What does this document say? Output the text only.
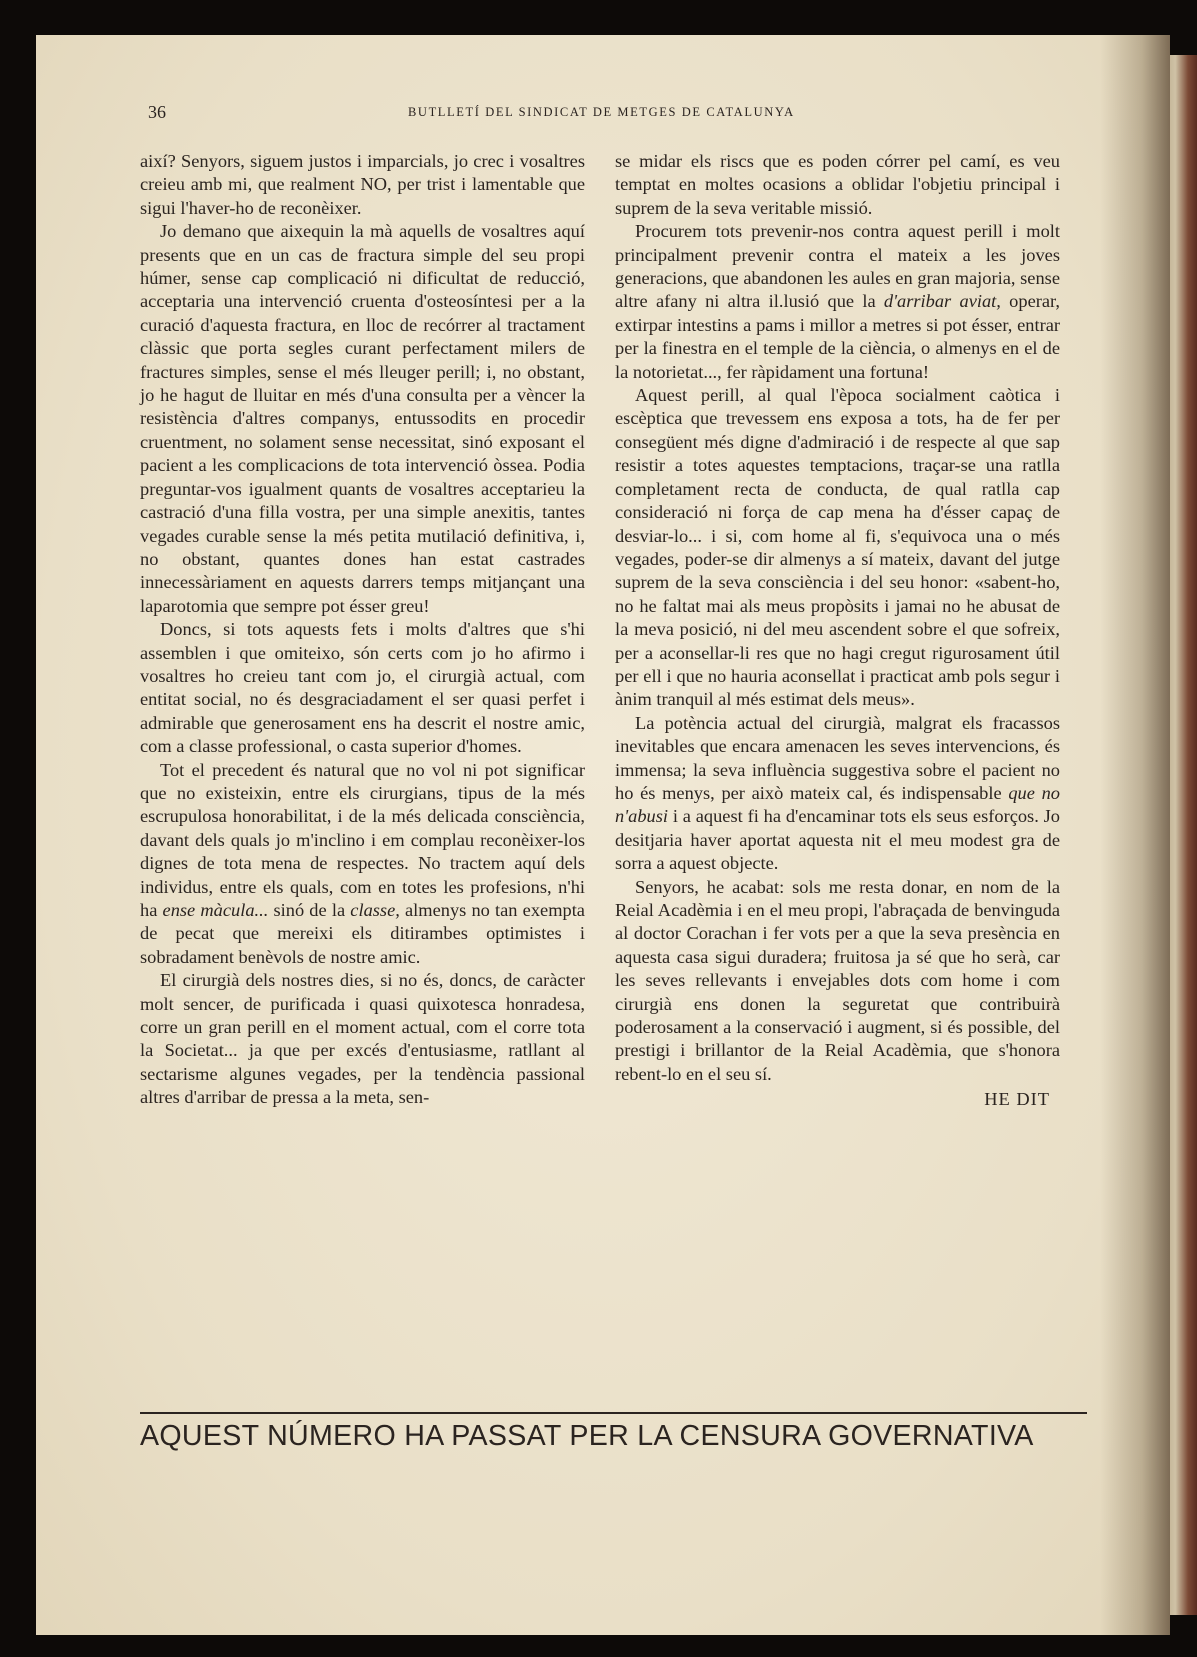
36	BUTLLETÍ DEL SINDICAT DE METGES DE CATALUNYA

així? Senyors, siguem justos i imparcials, jo crec i vosaltres creieu amb mi, que realment NO, per trist i lamentable que sigui l'haver-ho de reconèixer.

Jo demano que aixequin la mà aquells de vosaltres aquí presents que en un cas de fractura simple del seu propi húmer, sense cap complicació ni dificultat de reducció, acceptaria una intervenció cruenta d'osteosíntesi per a la curació d'aquesta fractura, en lloc de recórrer al tractament clàssic que porta segles curant perfectament milers de fractures simples, sense el més lleuger perill; i, no obstant, jo he hagut de lluitar en més d'una consulta per a vèncer la resistència d'altres companys, entussodits en procedir cruentment, no solament sense necessitat, sinó exposant el pacient a les complicacions de tota intervenció òssea. Podia preguntar-vos igualment quants de vosaltres acceptarieu la castració d'una filla vostra, per una simple anexitis, tantes vegades curable sense la més petita mutilació definitiva, i, no obstant, quantes dones han estat castrades innecessàriament en aquests darrers temps mitjançant una laparotomia que sempre pot ésser greu!

Doncs, si tots aquests fets i molts d'altres que s'hi assemblen i que omiteixo, són certs com jo ho afirmo i vosaltres ho creieu tant com jo, el cirurgià actual, com entitat social, no és desgraciadament el ser quasi perfet i admirable que generosament ens ha descrit el nostre amic, com a classe professional, o casta superior d'homes.

Tot el precedent és natural que no vol ni pot significar que no existeixin, entre els cirurgians, tipus de la més escrupulosa honorabilitat, i de la més delicada consciència, davant dels quals jo m'inclino i em complau reconèixer-los dignes de tota mena de respectes. No tractem aquí dels individus, entre els quals, com en totes les profesions, n'hi ha ense màcula... sinó de la classe, almenys no tan exempta de pecat que mereixi els ditirambes optimistes i sobradament benèvols de nostre amic.

El cirurgià dels nostres dies, si no és, doncs, de caràcter molt sencer, de purificada i quasi quixotesca honradesa, corre un gran perill en el moment actual, com el corre tota la Societat... ja que per excés d'entusiasme, ratllant al sectarisme algunes vegades, per la tendència passional altres d'arribar de pressa a la meta, sen-

se midar els riscs que es poden córrer pel camí, es veu temptat en moltes ocasions a oblidar l'objetiu principal i suprem de la seva veritable missió.

Procurem tots prevenir-nos contra aquest perill i molt principalment prevenir contra el mateix a les joves generacions, que abandonen les aules en gran majoria, sense altre afany ni altra il.lusió que la d'arribar aviat, operar, extirpar intestins a pams i millor a metres si pot ésser, entrar per la finestra en el temple de la ciència, o almenys en el de la notorietat..., fer ràpidament una fortuna!

Aquest perill, al qual l'època socialment caòtica i escèptica que trevessem ens exposa a tots, ha de fer per consegüent més digne d'admiració i de respecte al que sap resistir a totes aquestes temptacions, traçar-se una ratlla completament recta de conducta, de qual ratlla cap consideració ni força de cap mena ha d'ésser capaç de desviar-lo... i si, com home al fi, s'equivoca una o més vegades, poder-se dir almenys a sí mateix, davant del jutge suprem de la seva consciència i del seu honor: «sabent-ho, no he faltat mai als meus propòsits i jamai no he abusat de la meva posició, ni del meu ascendent sobre el que sofreix, per a aconsellar-li res que no hagi cregut rigurosament útil per ell i que no hauria aconsellat i practicat amb pols segur i ànim tranquil al més estimat dels meus».

La potència actual del cirurgià, malgrat els fracassos inevitables que encara amenacen les seves intervencions, és immensa; la seva influència suggestiva sobre el pacient no ho és menys, per això mateix cal, és indispensable que no n'abusi i a aquest fi ha d'encaminar tots els seus esforços. Jo desitjaria haver aportat aquesta nit el meu modest gra de sorra a aquest objecte.

Senyors, he acabat: sols me resta donar, en nom de la Reial Acadèmia i en el meu propi, l'abraçada de benvinguda al doctor Corachan i fer vots per a que la seva presència en aquesta casa sigui duradera; fruitosa ja sé que ho serà, car les seves rellevants i envejables dots com home i com cirurgià ens donen la seguretat que contribuirà poderosament a la conservació i augment, si és possible, del prestigi i brillantor de la Reial Acadèmia, que s'honora rebent-lo en el seu sí.

HE DIT
AQUEST NÚMERO HA PASSAT PER LA CENSURA GOVERNATIVA
